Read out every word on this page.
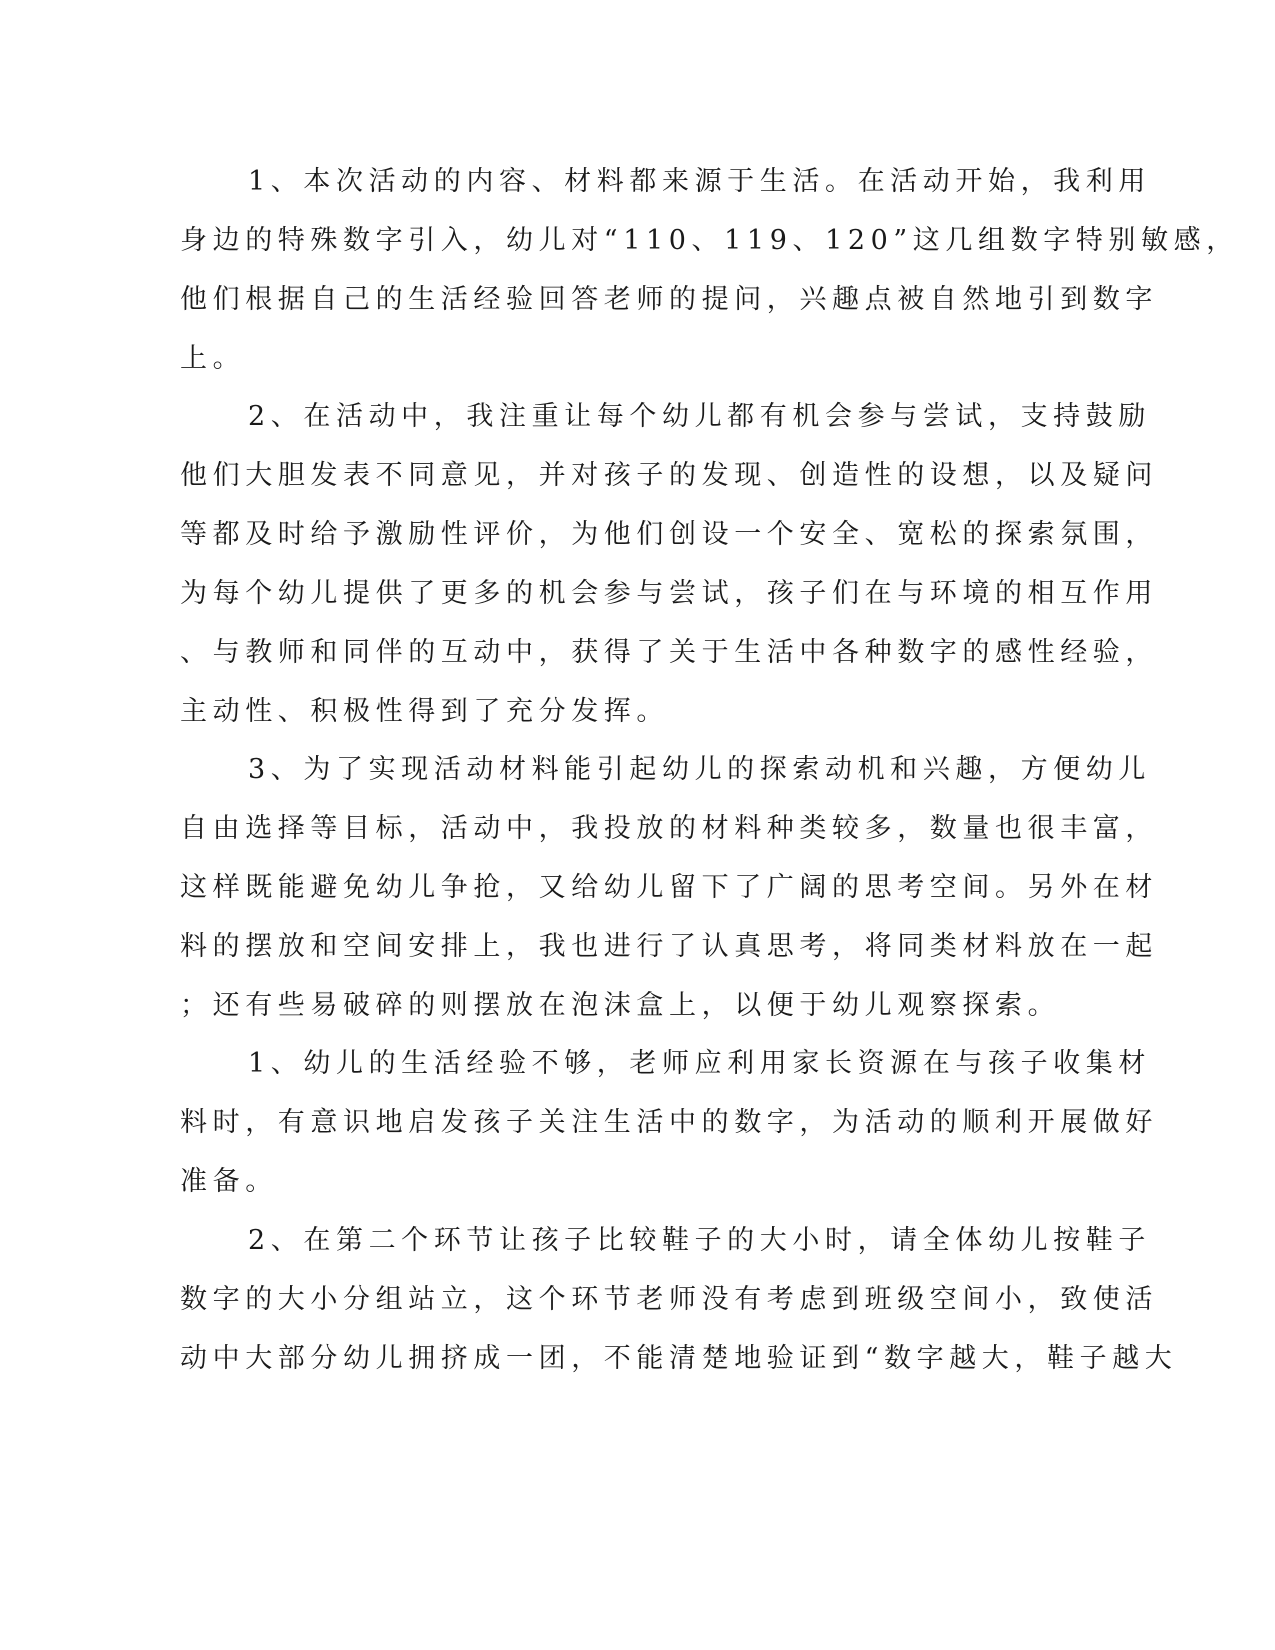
1、本次活动的内容、材料都来源于生活。在活动开始，我利用

身边的特殊数字引入，幼儿对“110、119、120”这几组数字特别敏感，

他们根据自己的生活经验回答老师的提问，兴趣点被自然地引到数字

上。

2、在活动中，我注重让每个幼儿都有机会参与尝试，支持鼓励

他们大胆发表不同意见，并对孩子的发现、创造性的设想，以及疑问

等都及时给予激励性评价，为他们创设一个安全、宽松的探索氛围，

为每个幼儿提供了更多的机会参与尝试，孩子们在与环境的相互作用

、与教师和同伴的互动中，获得了关于生活中各种数字的感性经验，

主动性、积极性得到了充分发挥。

3、为了实现活动材料能引起幼儿的探索动机和兴趣，方便幼儿

自由选择等目标，活动中，我投放的材料种类较多，数量也很丰富，

这样既能避免幼儿争抢，又给幼儿留下了广阔的思考空间。另外在材

料的摆放和空间安排上，我也进行了认真思考，将同类材料放在一起

；还有些易破碎的则摆放在泡沫盒上，以便于幼儿观察探索。

1、幼儿的生活经验不够，老师应利用家长资源在与孩子收集材

料时，有意识地启发孩子关注生活中的数字，为活动的顺利开展做好

准备。

2、在第二个环节让孩子比较鞋子的大小时，请全体幼儿按鞋子

数字的大小分组站立，这个环节老师没有考虑到班级空间小，致使活

动中大部分幼儿拥挤成一团，不能清楚地验证到“数字越大，鞋子越大
